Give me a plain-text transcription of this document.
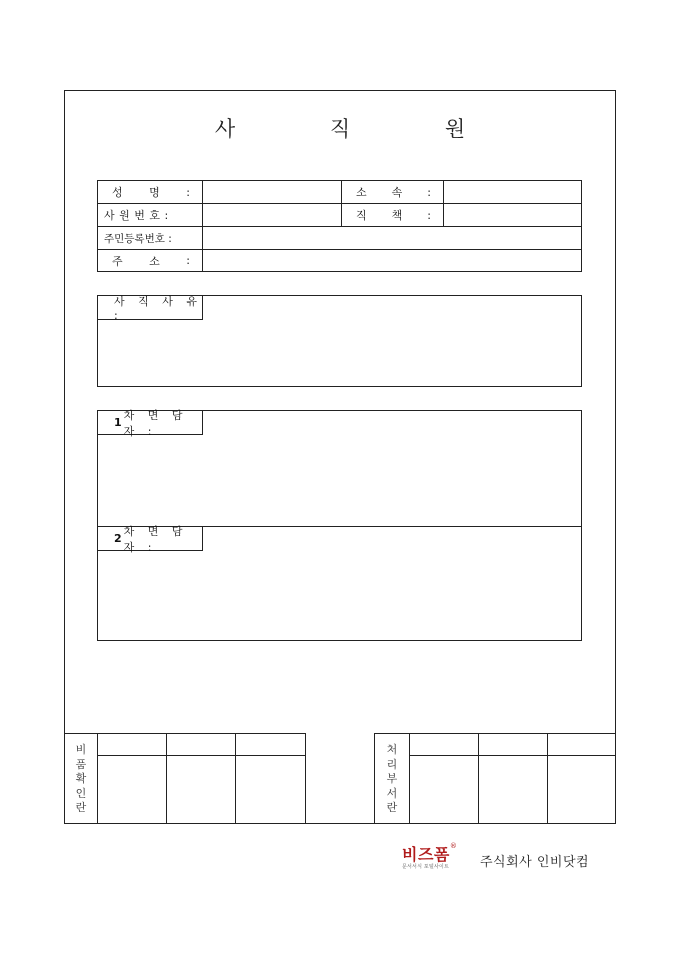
사 직 원
성 명 :	소 속 :
사 원 번 호 :	직 책 :
주민등록번호 :
주 소 :
사 직 사 유 :
1
차 면 담 자 :
2
차 면 담 자 :
비
품
확
인
란
처
리
부
서
란
비즈폼®
문서서식 포털사이트	주식회사 인비닷컴
